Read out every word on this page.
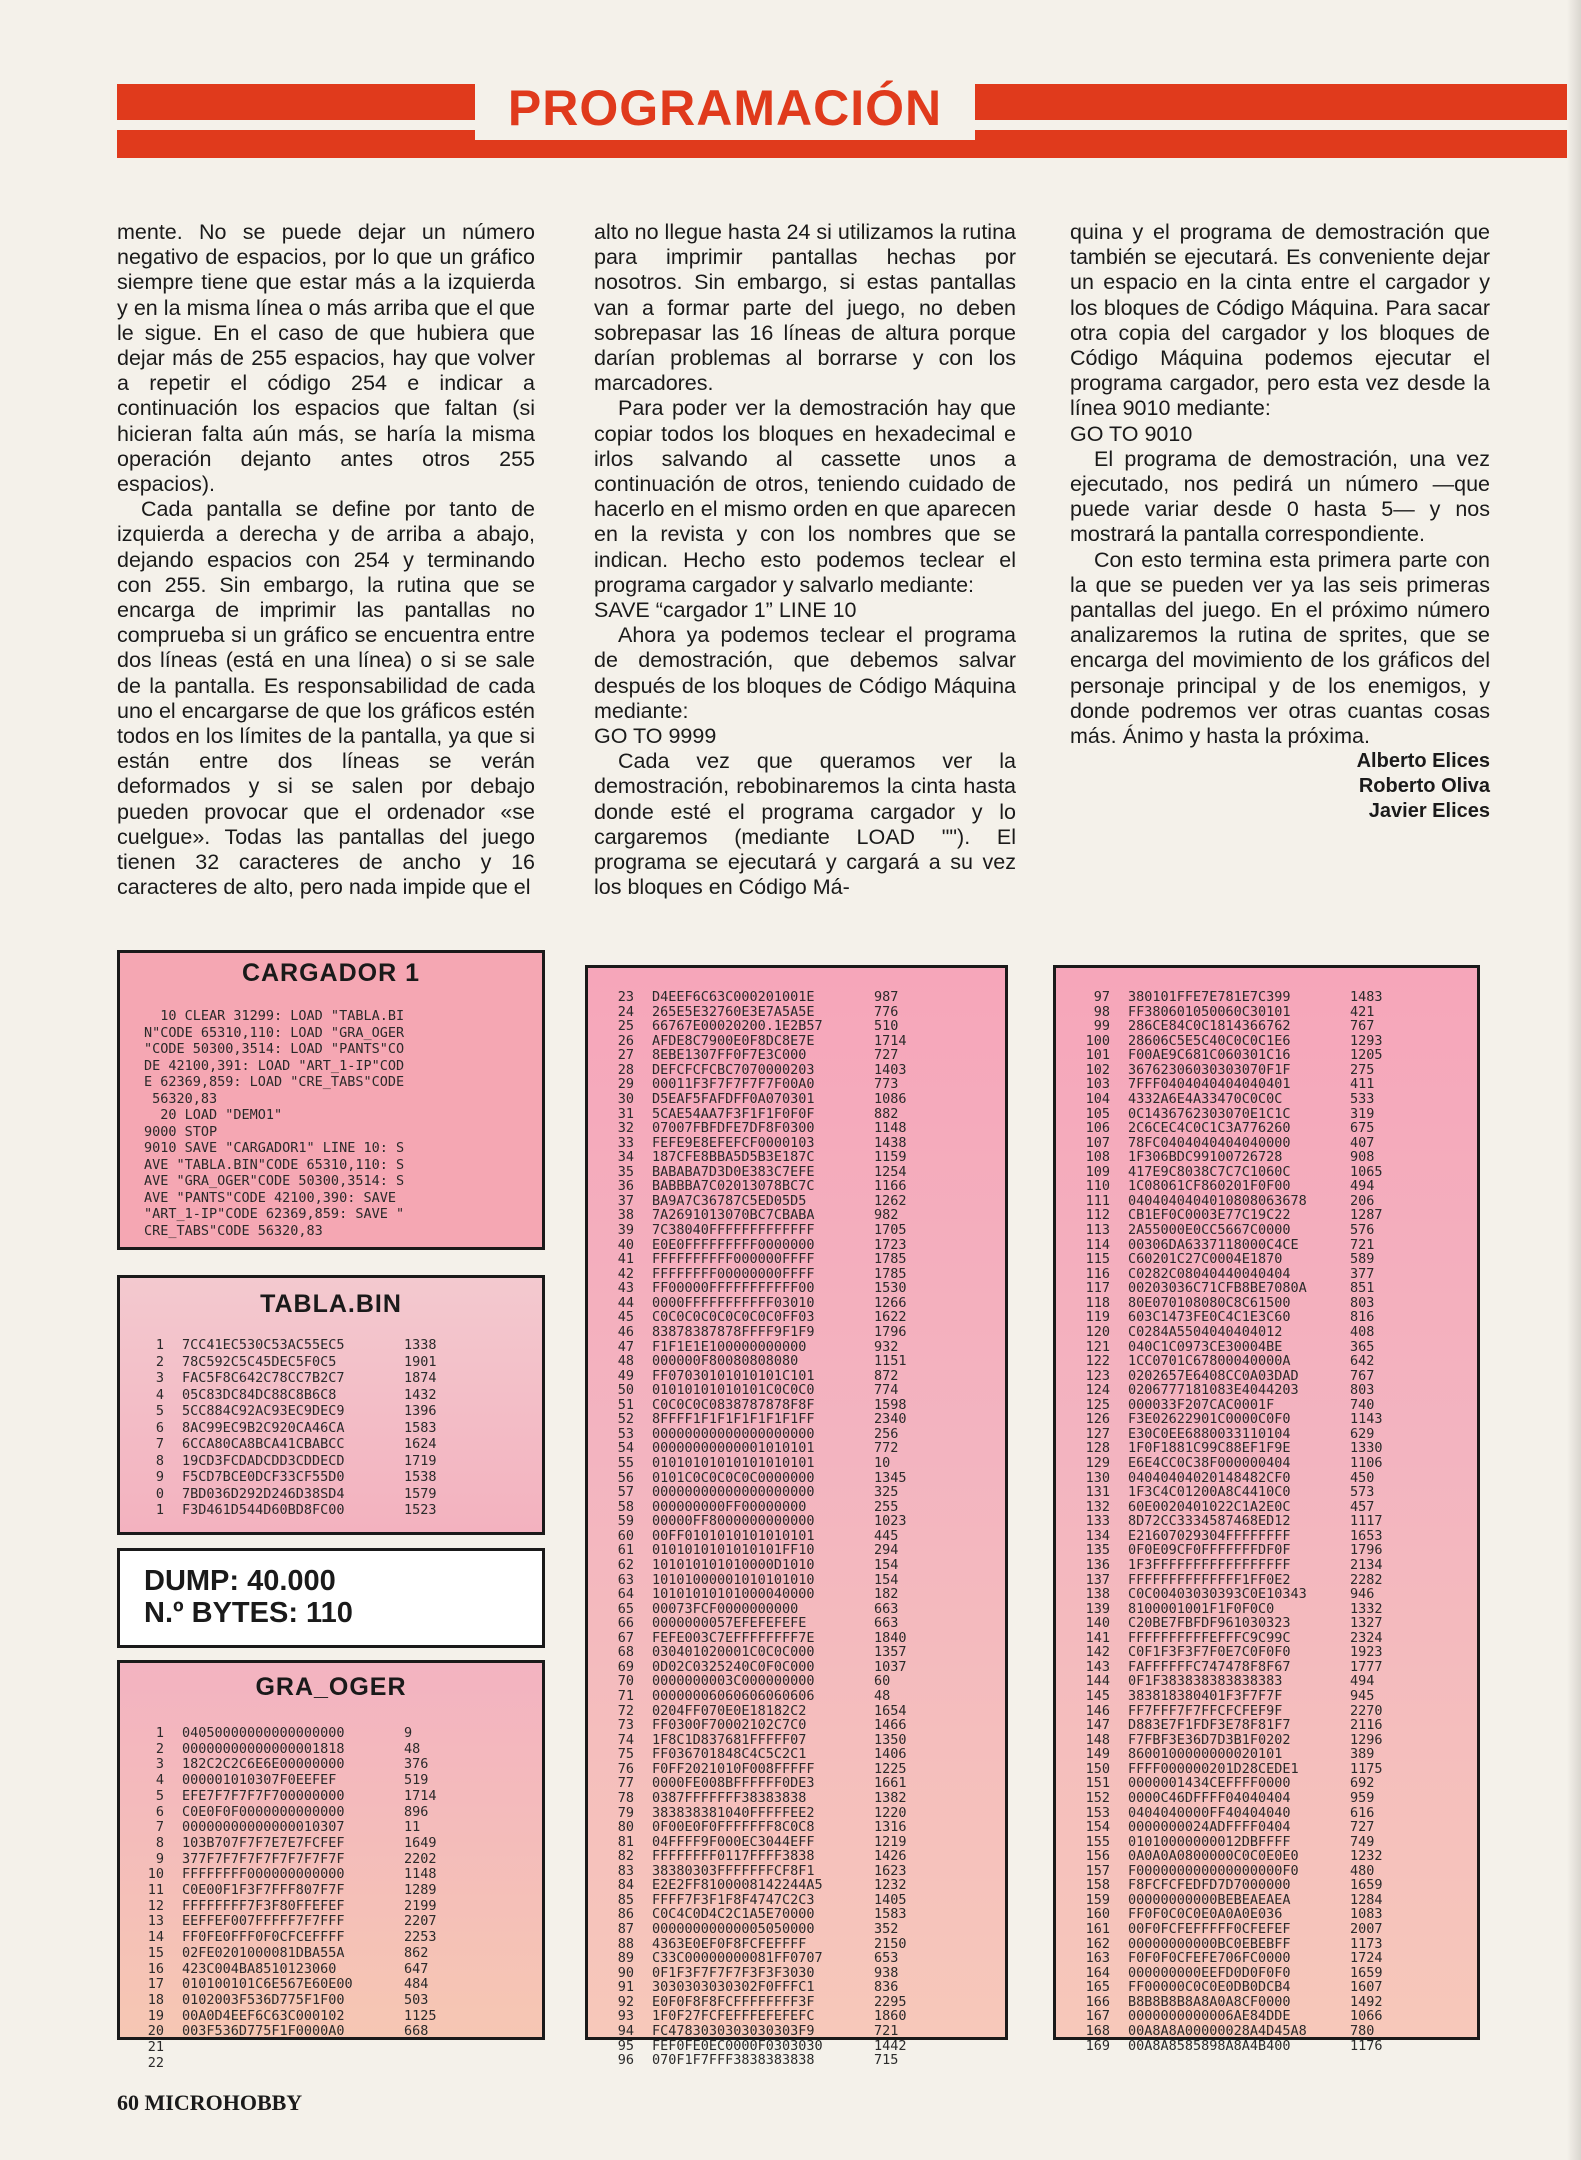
PROGRAMACIÓN

mente. No se puede dejar un número negativo de espacios, por lo que un gráfico siempre tiene que estar más a la izquierda y en la misma línea o más arriba que el que le sigue. En el caso de que hubiera que dejar más de 255 espacios, hay que volver a repetir el código 254 e indicar a continuación los espacios que faltan (si hicieran falta aún más, se haría la misma operación dejanto antes otros 255 espacios).

Cada pantalla se define por tanto de izquierda a derecha y de arriba a abajo, dejando espacios con 254 y terminando con 255. Sin embargo, la rutina que se encarga de imprimir las pantallas no comprueba si un gráfico se encuentra entre dos líneas (está en una línea) o si se sale de la pantalla. Es responsabilidad de cada uno el encargarse de que los gráficos estén todos en los límites de la pantalla, ya que si están entre dos líneas se verán deformados y si se salen por debajo pueden provocar que el ordenador «se cuelgue». Todas las pantallas del juego tienen 32 caracteres de ancho y 16 caracteres de alto, pero nada impide que el

alto no llegue hasta 24 si utilizamos la rutina para imprimir pantallas hechas por nosotros. Sin embargo, si estas pantallas van a formar parte del juego, no deben sobrepasar las 16 líneas de altura porque darían problemas al borrarse y con los marcadores.

Para poder ver la demostración hay que copiar todos los bloques en hexadecimal e irlos salvando al cassette unos a continuación de otros, teniendo cuidado de hacerlo en el mismo orden en que aparecen en la revista y con los nombres que se indican. Hecho esto podemos teclear el programa cargador y salvarlo mediante:

SAVE “cargador 1” LINE 10

Ahora ya podemos teclear el programa de demostración, que debemos salvar después de los bloques de Código Máquina mediante:

GO TO 9999

Cada vez que queramos ver la demostración, rebobinaremos la cinta hasta donde esté el programa cargador y lo cargaremos (mediante LOAD ""). El programa se ejecutará y cargará a su vez los bloques en Código Má-

quina y el programa de demostración que también se ejecutará. Es conveniente dejar un espacio en la cinta entre el cargador y los bloques de Código Máquina. Para sacar otra copia del cargador y los bloques de Código Máquina podemos ejecutar el programa cargador, pero esta vez desde la línea 9010 mediante:

GO TO 9010

El programa de demostración, una vez ejecutado, nos pedirá un número —que puede variar desde 0 hasta 5— y nos mostrará la pantalla correspondiente.

Con esto termina esta primera parte con la que se pueden ver ya las seis primeras pantallas del juego. En el próximo número analizaremos la rutina de sprites, que se encarga del movimiento de los gráficos del personaje principal y de los enemigos, y donde podremos ver otras cuantas cosas más. Ánimo y hasta la próxima.

Alberto Elices
Roberto Oliva
Javier Elices
CARGADOR 1
10 CLEAR 31299: LOAD "TABLA.BI
N"CODE 65310,110: LOAD "GRA_OGER
"CODE 50300,3514: LOAD "PANTS"CO
DE 42100,391: LOAD "ART_1-IP"COD
E 62369,859: LOAD "CRE_TABS"CODE
56320,83
20 LOAD "DEMO1"
9000 STOP
9010 SAVE "CARGADOR1" LINE 10: S
AVE "TABLA.BIN"CODE 65310,110: S
AVE "GRA_OGER"CODE 50300,3514: S
AVE "PANTS"CODE 42100,390: SAVE
"ART_1-IP"CODE 62369,859: SAVE "
CRE_TABS"CODE 56320,83
TABLA.BIN
1 7CC41EC530C53AC55EC5	1338
2 78C592C5C45DEC5F0C5	1901
3 FAC5F8C642C78CC7B2C7	1874
4 05C83DC84DC88C8B6C8	1432
5 5CC884C92AC93EC9DEC9	1396
6 8AC99EC9B2C920CA46CA	1583
7 6CCA80CA8BCA41CBABCC	1624
8 19CD3FCDADCDD3CDDECD	1719
9 F5CD7BCE0DCF33CF55D0	1538
0 7BD036D292D246D38SD4	1579
1 F3D461D544D60BD8FC00	1523
DUMP: 40.000
N.º BYTES: 110
GRA_OGER
1 04050000000000000000	9
2 00000000000000001818	48
3 182C2C2C6E6E00000000	376
4 000001010307F0EEFEF	519
5 EFE7F7F7F7F700000000	1714
6 C0E0F0F0000000000000	896
7 00000000000000010307	11
8 103B707F7F7E7E7FCFEF	1649
9 377F7F7F7F7F7F7F7F7F	2202
10 FFFFFFFF000000000000	1148
11 C0E00F1F3F7FFF807F7F	1289
12 FFFFFFFF7F3F80FFEFEF	2199
13 EEFFEF007FFFFF7F7FFF	2207
14 FF0FE0FFF0F0CFCEFFFF	2253
15 02FE0201000081DBA55A	862
16 423C004BA8510123060	647
17 010100101C6E567E60E00	484
18 0102003F536D775F1F00	503
19 00A0D4EEF6C63C000102	1125
20 003F536D775F1F0000A0	668
21
22
23 D4EEF6C63C000201001E	987
24 265E5E32760E3E7A5A5E	776
25 66767E00020200.1E2B57	510
26 AFDE8C7900E0F8DC8E7E	1714
27 8EBE1307FF0F7E3C000	727
28 DEFCFCFCBC7070000203	1403
29 00011F3F7F7F7F7F00A0	773
30 D5EAF5FAFDFF0A070301	1086
31 5CAE54AA7F3F1F1F0F0F	882
32 07007FBFDFE7DF8F0300	1148
33 FEFE9E8EFEFCF0000103	1438
34 187CFE8BBA5D5B3E187C	1159
35 BABABA7D3D0E383C7EFE	1254
36 BABBBA7C02013078BC7C	1166
37 BA9A7C36787C5ED05D5	1262
38 7A2691013070BC7CBABA	982
39 7C38040FFFFFFFFFFFFF	1705
40 E0E0FFFFFFFFF0000000	1723
41 FFFFFFFFFF000000FFFF	1785
42 FFFFFFFF00000000FFFF	1785
43 FF00000FFFFFFFFFFF00	1530
44 0000FFFFFFFFFFF03010	1266
45 C0C0C0C0C0C0C0C0FF03	1622
46 83878387878FFFF9F1F9	1796
47 F1F1E1E100000000000	932
48 000000F80080808080	1151
49 FF07030101010101C101	872
50 01010101010101C0C0C0	774
51 C0C0C0C0838787878F8F	1598
52 8FFFF1F1F1F1F1F1F1FF	2340
53 00000000000000000000	256
54 00000000000001010101	772
55 01010101010101010101	10
56 0101C0C0C0C0C0000000	1345
57 00000000000000000000	325
58 000000000FF00000000	255
59 00000FF8000000000000	1023
60 00FF0101010101010101	445
61 0101010101010101FF10	294
62 101010101010000D1010	154
63 10101000001010101010	154
64 10101010101000040000	182
65 00073FCF0000000000	663
66 0000000057EFEFEFEFE	663
67 FEFE003C7EFFFFFFFF7E	1840
68 030401020001C0C0C000	1357
69 0D02C0325240C0F0C000	1037
70 0000000003C000000000	60
71 00000006060606060606	48
72 0204FF070E0E18182C2	1654
73 FF0300F70002102C7C0	1466
74 1F8C1D837681FFFFF07	1350
75 FF036701848C4C5C2C1	1406
76 F0FF2021010F008FFFFF	1225
77 0000FE008BFFFFFF0DE3	1661
78 0387FFFFFFF38383838	1382
79 383838381040FFFFFEE2	1220
80 0F00E0F0FFFFFFF8C0C8	1316
81 04FFFF9F000EC3044EFF	1219
82 FFFFFFFF0117FFFF3838	1426
83 38380303FFFFFFFCF8F1	1623
84 E2E2FF8100008142244A5	1232
85 FFFF7F3F1F8F4747C2C3	1405
86 C0C4C0D4C2C1A5E70000	1583
87 00000000000005050000	352
88 4363E0EF0F8FCFEFFFF	2150
89 C33C00000000081FF0707	653
90 0F1F3F7F7F7F3F3F3030	938
91 3030303030302F0FFFC1	836
92 E0F0F8F8FCFFFFFFFF3F	2295
93 1F0F27FCFEFFFEFEFEFC	1860
94 FC4783030303030303F9	721
95 FEF0FE0EC0000F0303030	1442
96 070F1F7FFF3838383838	715
97 380101FFE7E781E7C399	1483
98 FF380601050060C30101	421
99 286CE84C0C1814366762	767
100 28606C5E5C40C0C0C1E6	1293
101 F00AE9C681C060301C16	1205
102 36762306030303070F1F	275
103 7FFF0404040404040401	411
104 4332A6E4A33470C0C0C	533
105 0C1436762303070E1C1C	319
106 2C6CEC4C0C1C3A776260	675
107 78FC0404040404040000	407
108 1F306BDC99100726728	908
109 417E9C8038C7C7C1060C	1065
110 1C08061CF860201F0F00	494
111 0404040404010808063678	206
112 CB1EF0C0003E77C19C22	1287
113 2A55000E0CC5667C0000	576
114 00306DA6337118000C4CE	721
115 C60201C27C0004E1870	589
116 C0282C08040440040404	377
117 00203036C71CFB8BE7080A	851
118 80E070108080C8C61500	803
119 603C1473FE0C4C1E3C60	816
120 C0284A5504040404012	408
121 040C1C0973CE30004BE	365
122 1CC0701C67800040000A	642
123 0202657E6408CC0A03DAD	767
124 0206777181083E4044203	803
125 000033F207CAC0001F	740
126 F3E02622901C0000C0F0	1143
127 E30C0EE6880033110104	629
128 1F0F1881C99C88EF1F9E	1330
129 E6E4CC0C38F000000404	1106
130 04040404020148482CF0	450
131 1F3C4C01200A8C4410C0	573
132 60E0020401022C1A2E0C	457
133 8D72CC3334587468ED12	1117
134 E21607029304FFFFFFFF	1653
135 0F0E09CF0FFFFFFFDF0F	1796
136 1F3FFFFFFFFFFFFFFFFF	2134
137 FFFFFFFFFFFFFF1FF0E2	2282
138 C0C00403030393C0E10343	946
139 8100001001F1F0F0C0	1332
140 C20BE7FBFDF961030323	1327
141 FFFFFFFFFFEFFFC9C99C	2324
142 C0F1F3F3F7F0E7C0F0F0	1923
143 FAFFFFFFC747478F8F67	1777
144 0F1F383838383838383	494
145 383818380401F3F7F7F	945
146 FF7FFF7F7FFCFCFEF9F	2270
147 D883E7F1FDF3E78F81F7	2116
148 F7FBF3E36D7D3B1F0202	1296
149 8600100000000020101	389
150 FFFF000000201D28CEDE1	1175
151 0000001434CEFFFF0000	692
152 0000C46DFFFF04040404	959
153 0404040000FF40404040	616
154 0000000024ADFFFF0404	727
155 01010000000012DBFFFF	749
156 0A0A0A0800000C0C0E0E0	1232
157 F000000000000000000F0	480
158 F8FCFCFEDFD7D7000000	1659
159 00000000000BEBEAEAEA	1284
160 FF0F0C0C0E0A0A0E036	1083
161 00F0FCFEFFFFF0CFEFEF	2007
162 00000000000BC0EBEBFF	1173
163 F0F0F0CFEFE706FC0000	1724
164 000000000EEFD0D0F0F0	1659
165 FF00000C0C0E0DB0DCB4	1607
166 B8B8B8B8A8A0A8CF0000	1492
167 0000000000006AE84DDE	1066
168 00A8A8A00000028A4D45A8	780
169 00A8A8585898A8A4B400	1176
60 MICROHOBBY
